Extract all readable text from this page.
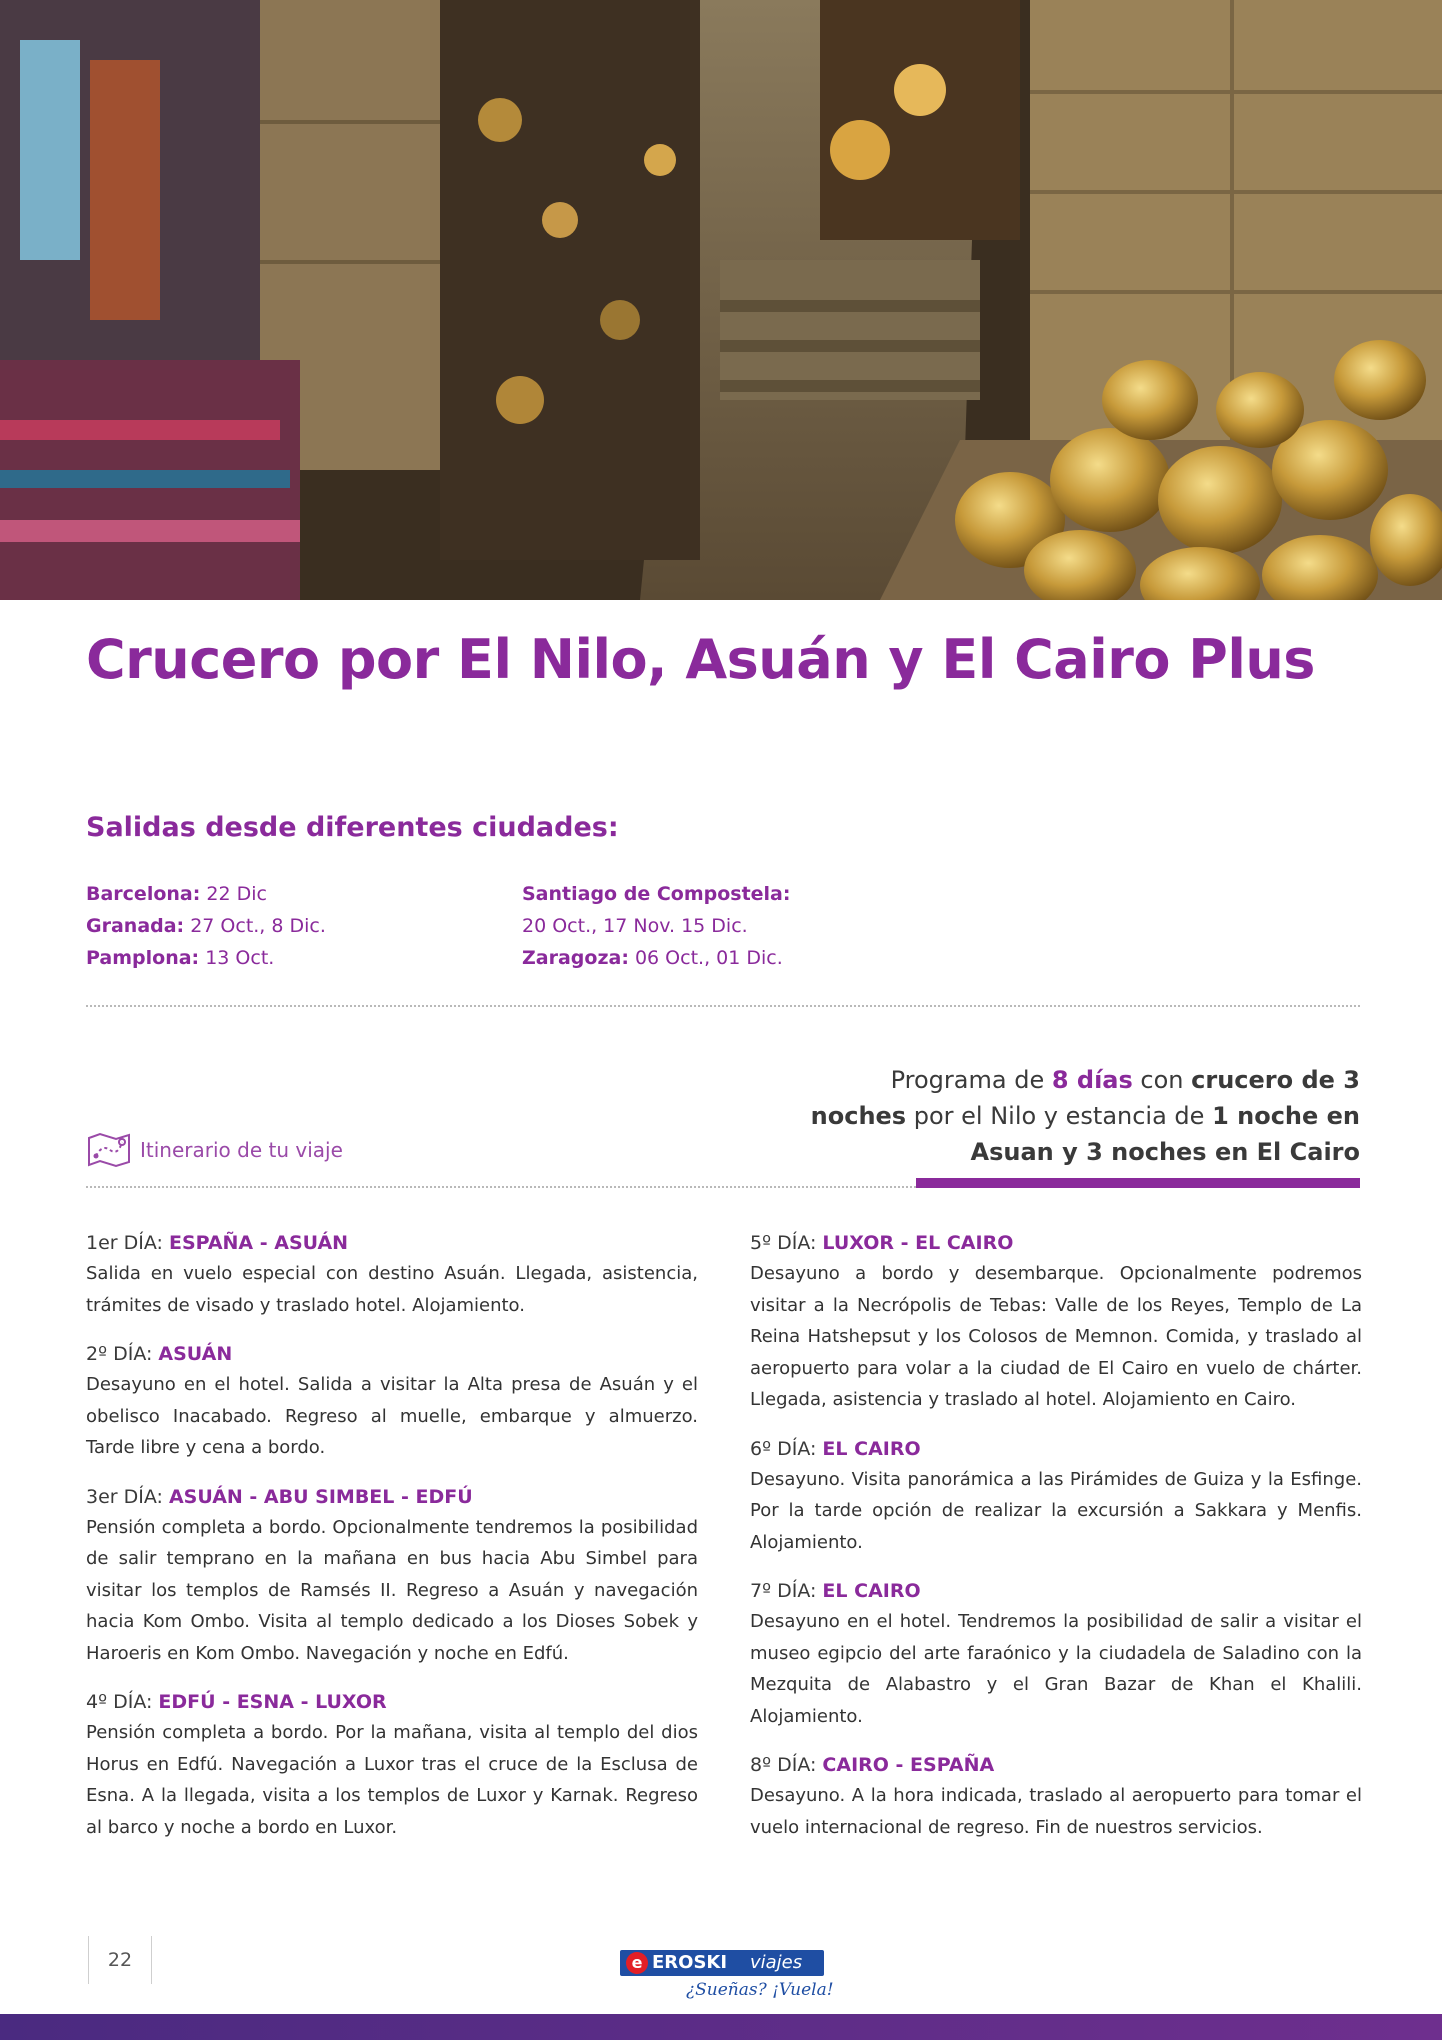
Crucero por El Nilo, Asuán y El Cairo Plus
Salidas desde diferentes ciudades:
Barcelona: 22 Dic
Granada: 27 Oct., 8 Dic.
Pamplona: 13 Oct.
Santiago de Compostela:
20 Oct., 17 Nov. 15 Dic.
Zaragoza: 06 Oct., 01 Dic.
Programa de 8 días con crucero de 3 noches por el Nilo y estancia de 1 noche en Asuan y 3 noches en El Cairo
Itinerario de tu viaje

1er DÍA: ESPAÑA - ASUÁN

Salida en vuelo especial con destino Asuán. Llegada, asistencia, trámites de visado y traslado hotel. Alojamiento.

2º DÍA: ASUÁN

Desayuno en el hotel. Salida a visitar la Alta presa de Asuán y el obelisco Inacabado. Regreso al muelle, embarque y almuerzo. Tarde libre y cena a bordo.

3er DÍA: ASUÁN - ABU SIMBEL - EDFÚ

Pensión completa a bordo. Opcionalmente tendremos la posibilidad de salir temprano en la mañana en bus hacia Abu Simbel para visitar los templos de Ramsés II. Regreso a Asuán y navegación hacia Kom Ombo. Visita al templo dedicado a los Dioses Sobek y Haroeris en Kom Ombo. Navegación y noche en Edfú.

4º DÍA: EDFÚ - ESNA - LUXOR

Pensión completa a bordo. Por la mañana, visita al templo del dios Horus en Edfú. Navegación a Luxor tras el cruce de la Esclusa de Esna. A la llegada, visita a los templos de Luxor y Karnak. Regreso al barco y noche a bordo en Luxor.

5º DÍA: LUXOR - EL CAIRO

Desayuno a bordo y desembarque. Opcionalmente podremos visitar a la Necrópolis de Tebas: Valle de los Reyes, Templo de La Reina Hatshepsut y los Colosos de Memnon. Comida, y traslado al aeropuerto para volar a la ciudad de El Cairo en vuelo de chárter. Llegada, asistencia y traslado al hotel. Alojamiento en Cairo.

6º DÍA: EL CAIRO

Desayuno. Visita panorámica a las Pirámides de Guiza y la Esfinge. Por la tarde opción de realizar la excursión a Sakkara y Menfis. Alojamiento.

7º DÍA: EL CAIRO

Desayuno en el hotel. Tendremos la posibilidad de salir a visitar el museo egipcio del arte faraónico y la ciudadela de Saladino con la Mezquita de Alabastro y el Gran Bazar de Khan el Khalili. Alojamiento.

8º DÍA: CAIRO - ESPAÑA

Desayuno. A la hora indicada, traslado al aeropuerto para tomar el vuelo internacional de regreso. Fin de nuestros servicios.

22	e EROSKI viajes
¿Sueñas? ¡Vuela!
